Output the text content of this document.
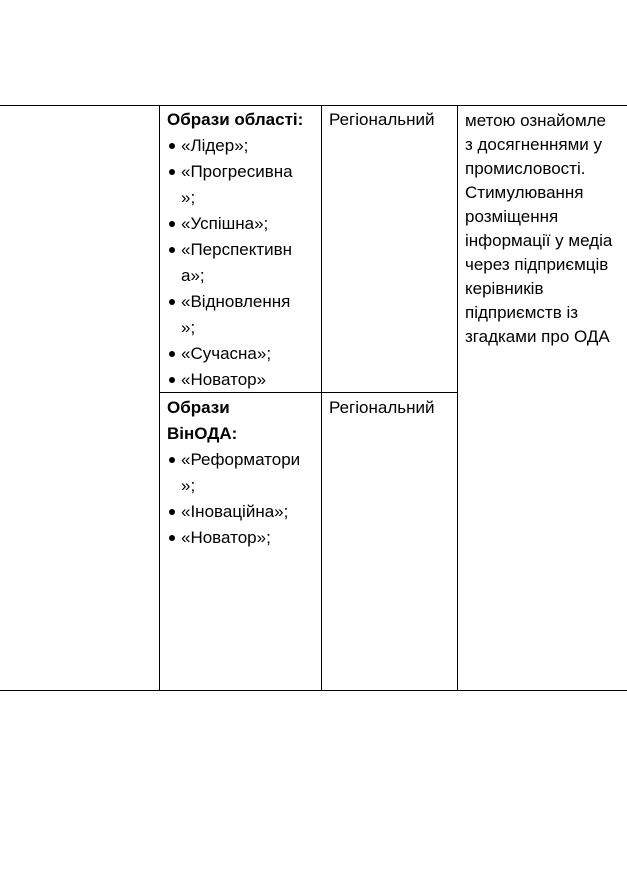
Образи області:
«Лідер»;
«Прогресивна
»;
«Успішна»;
«Перспективн
а»;
«Відновлення
»;
«Сучасна»;
«Новатор»
Регіональний метою ознайомле
з досягненнями у
промисловості.
Стимулювання
розміщення
інформації у медіа
через підприємців
керівників
підприємств із
згадками про ОДА
Образи
ВінОДА:
«Реформатори
»;
«Іноваційна»;
«Новатор»;
Регіональний
